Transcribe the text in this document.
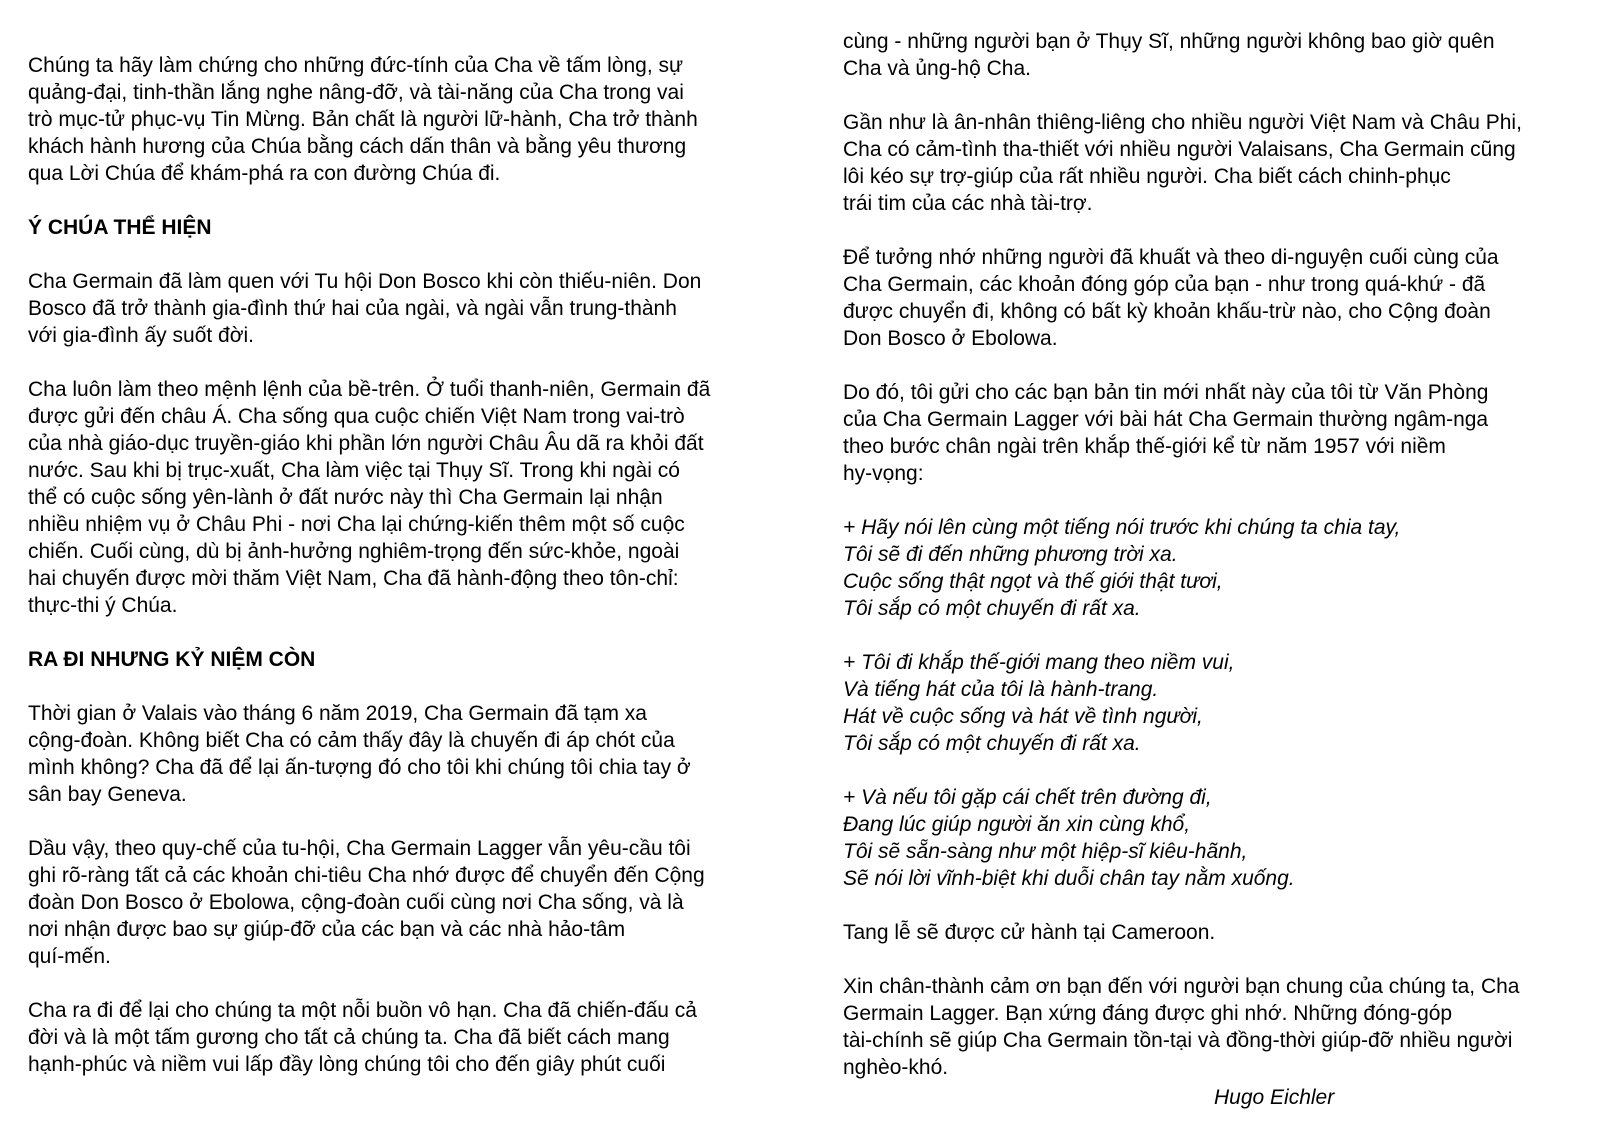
Chúng ta hãy làm chứng cho những đức-tính của Cha về tấm lòng, sự
quảng-đại, tinh-thần lắng nghe nâng-đỡ, và tài-năng của Cha trong vai
trò mục-tử phục-vụ Tin Mừng. Bản chất là người lữ-hành, Cha trở thành
khách hành hương của Chúa bằng cách dấn thân và bằng yêu thương
qua Lời Chúa để khám-phá ra con đường Chúa đi.

Ý CHÚA THỂ HIỆN

Cha Germain đã làm quen với Tu hội Don Bosco khi còn thiếu-niên. Don
Bosco đã trở thành gia-đình thứ hai của ngài, và ngài vẫn trung-thành
với gia-đình ấy suốt đời.

Cha luôn làm theo mệnh lệnh của bề-trên. Ở tuổi thanh-niên, Germain đã
được gửi đến châu Á. Cha sống qua cuộc chiến Việt Nam trong vai-trò
của nhà giáo-dục truyền-giáo khi phần lớn người Châu Âu dã ra khỏi đất
nước. Sau khi bị trục-xuất, Cha làm việc tại Thụy Sĩ. Trong khi ngài có
thể có cuộc sống yên-lành ở đất nước này thì Cha Germain lại nhận
nhiều nhiệm vụ ở Châu Phi - nơi Cha lại chứng-kiến thêm một số cuộc
chiến. Cuối cùng, dù bị ảnh-hưởng nghiêm-trọng đến sức-khỏe, ngoài
hai chuyến được mời thăm Việt Nam, Cha đã hành-động theo tôn-chỉ:
thực-thi ý Chúa.

RA ĐI NHƯNG KỶ NIỆM CÒN

Thời gian ở Valais vào tháng 6 năm 2019, Cha Germain đã tạm xa
cộng-đoàn. Không biết Cha có cảm thấy đây là chuyến đi áp chót của
mình không? Cha đã để lại ấn-tượng đó cho tôi khi chúng tôi chia tay ở
sân bay Geneva.

Dầu vậy, theo quy-chế của tu-hội, Cha Germain Lagger vẫn yêu-cầu tôi
ghi rõ-ràng tất cả các khoản chi-tiêu Cha nhớ được để chuyển đến Cộng
đoàn Don Bosco ở Ebolowa, cộng-đoàn cuối cùng nơi Cha sống, và là
nơi nhận được bao sự giúp-đỡ của các bạn và các nhà hảo-tâm
quí-mến.

Cha ra đi để lại cho chúng ta một nỗi buồn vô hạn. Cha đã chiến-đấu cả
đời và là một tấm gương cho tất cả chúng ta. Cha đã biết cách mang
hạnh-phúc và niềm vui lấp đầy lòng chúng tôi cho đến giây phút cuối

cùng - những người bạn ở Thụy Sĩ, những người không bao giờ quên
Cha và ủng-hộ Cha.

Gần như là ân-nhân thiêng-liêng cho nhiều người Việt Nam và Châu Phi,
Cha có cảm-tình tha-thiết với nhiều người Valaisans, Cha Germain cũng
lôi kéo sự trợ-giúp của rất nhiều người. Cha biết cách chinh-phục
trái tim của các nhà tài-trợ.

Để tưởng nhớ những người đã khuất và theo di-nguyện cuối cùng của
Cha Germain, các khoản đóng góp của bạn - như trong quá-khứ - đã
được chuyển đi, không có bất kỳ khoản khấu-trừ nào, cho Cộng đoàn
Don Bosco ở Ebolowa.

Do đó, tôi gửi cho các bạn bản tin mới nhất này của tôi từ Văn Phòng
của Cha Germain Lagger với bài hát Cha Germain thường ngâm-nga
theo bước chân ngài trên khắp thế-giới kể từ năm 1957 với niềm
hy-vọng:

+ Hãy nói lên cùng một tiếng nói trước khi chúng ta chia tay,
Tôi sẽ đi đến những phương trời xa.
Cuộc sống thật ngọt và thế giới thật tươi,
Tôi sắp có một chuyến đi rất xa.
+ Tôi đi khắp thế-giới mang theo niềm vui,
Và tiếng hát của tôi là hành-trang.
Hát về cuộc sống và hát về tình người,
Tôi sắp có một chuyến đi rất xa.
+ Và nếu tôi gặp cái chết trên đường đi,
Đang lúc giúp người ăn xin cùng khổ,
Tôi sẽ sẵn-sàng như một hiệp-sĩ kiêu-hãnh,
Sẽ nói lời vĩnh-biệt khi duỗi chân tay nằm xuống.

Tang lễ sẽ được cử hành tại Cameroon.

Xin chân-thành cảm ơn bạn đến với người bạn chung của chúng ta, Cha
Germain Lagger. Bạn xứng đáng được ghi nhớ. Những đóng-góp
tài-chính sẽ giúp Cha Germain tồn-tại và đồng-thời giúp-đỡ nhiều người
nghèo-khó.

Hugo Eichler
